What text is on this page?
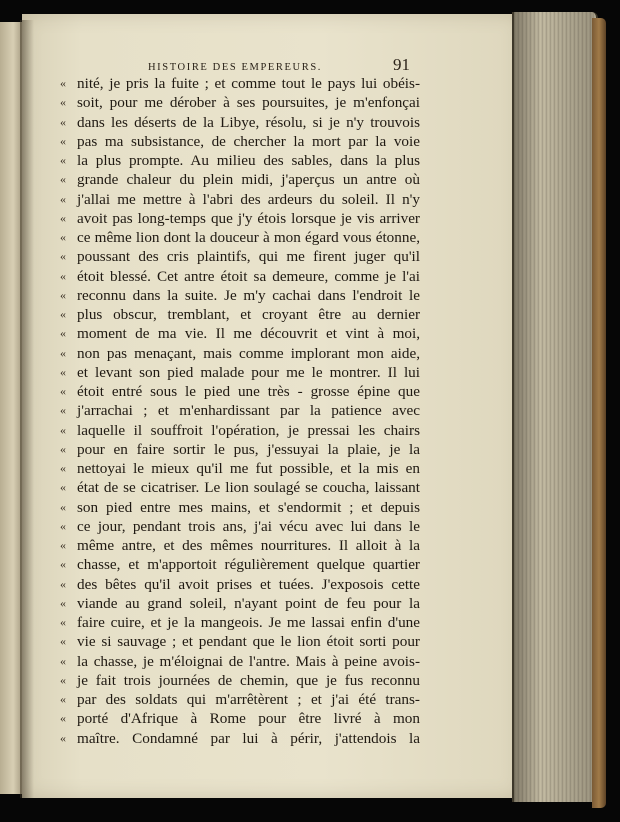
HISTOIRE DES EMPEREURS.	91
« nité, je pris la fuite ; et comme tout le pays lui obéis-
« soit, pour me dérober à ses poursuites, je m'enfonçai
« dans les déserts de la Libye, résolu, si je n'y trouvois
« pas ma subsistance, de chercher la mort par la voie
« la plus prompte. Au milieu des sables, dans la plus
« grande chaleur du plein midi, j'aperçus un antre où
« j'allai me mettre à l'abri des ardeurs du soleil. Il n'y
« avoit pas long-temps que j'y étois lorsque je vis arriver
« ce même lion dont la douceur à mon égard vous étonne,
« poussant des cris plaintifs, qui me firent juger qu'il
« étoit blessé. Cet antre étoit sa demeure, comme je l'ai
« reconnu dans la suite. Je m'y cachai dans l'endroit le
« plus obscur, tremblant, et croyant être au dernier
« moment de ma vie. Il me découvrit et vint à moi,
« non pas menaçant, mais comme implorant mon aide,
« et levant son pied malade pour me le montrer. Il lui
« étoit entré sous le pied une très - grosse épine que
« j'arrachai ; et m'enhardissant par la patience avec
« laquelle il souffroit l'opération, je pressai les chairs
« pour en faire sortir le pus, j'essuyai la plaie, je la
« nettoyai le mieux qu'il me fut possible, et la mis en
« état de se cicatriser. Le lion soulagé se coucha, laissant
« son pied entre mes mains, et s'endormit ; et depuis
« ce jour, pendant trois ans, j'ai vécu avec lui dans le
« même antre, et des mêmes nourritures. Il alloit à la
« chasse, et m'apportoit régulièrement quelque quartier
« des bêtes qu'il avoit prises et tuées. J'exposois cette
« viande au grand soleil, n'ayant point de feu pour la
« faire cuire, et je la mangeois. Je me lassai enfin d'une
« vie si sauvage ; et pendant que le lion étoit sorti pour
« la chasse, je m'éloignai de l'antre. Mais à peine avois-
« je fait trois journées de chemin, que je fus reconnu
« par des soldats qui m'arrêtèrent ; et j'ai été trans-
« porté d'Afrique à Rome pour être livré à mon
« maître. Condamné par lui à périr, j'attendois la
